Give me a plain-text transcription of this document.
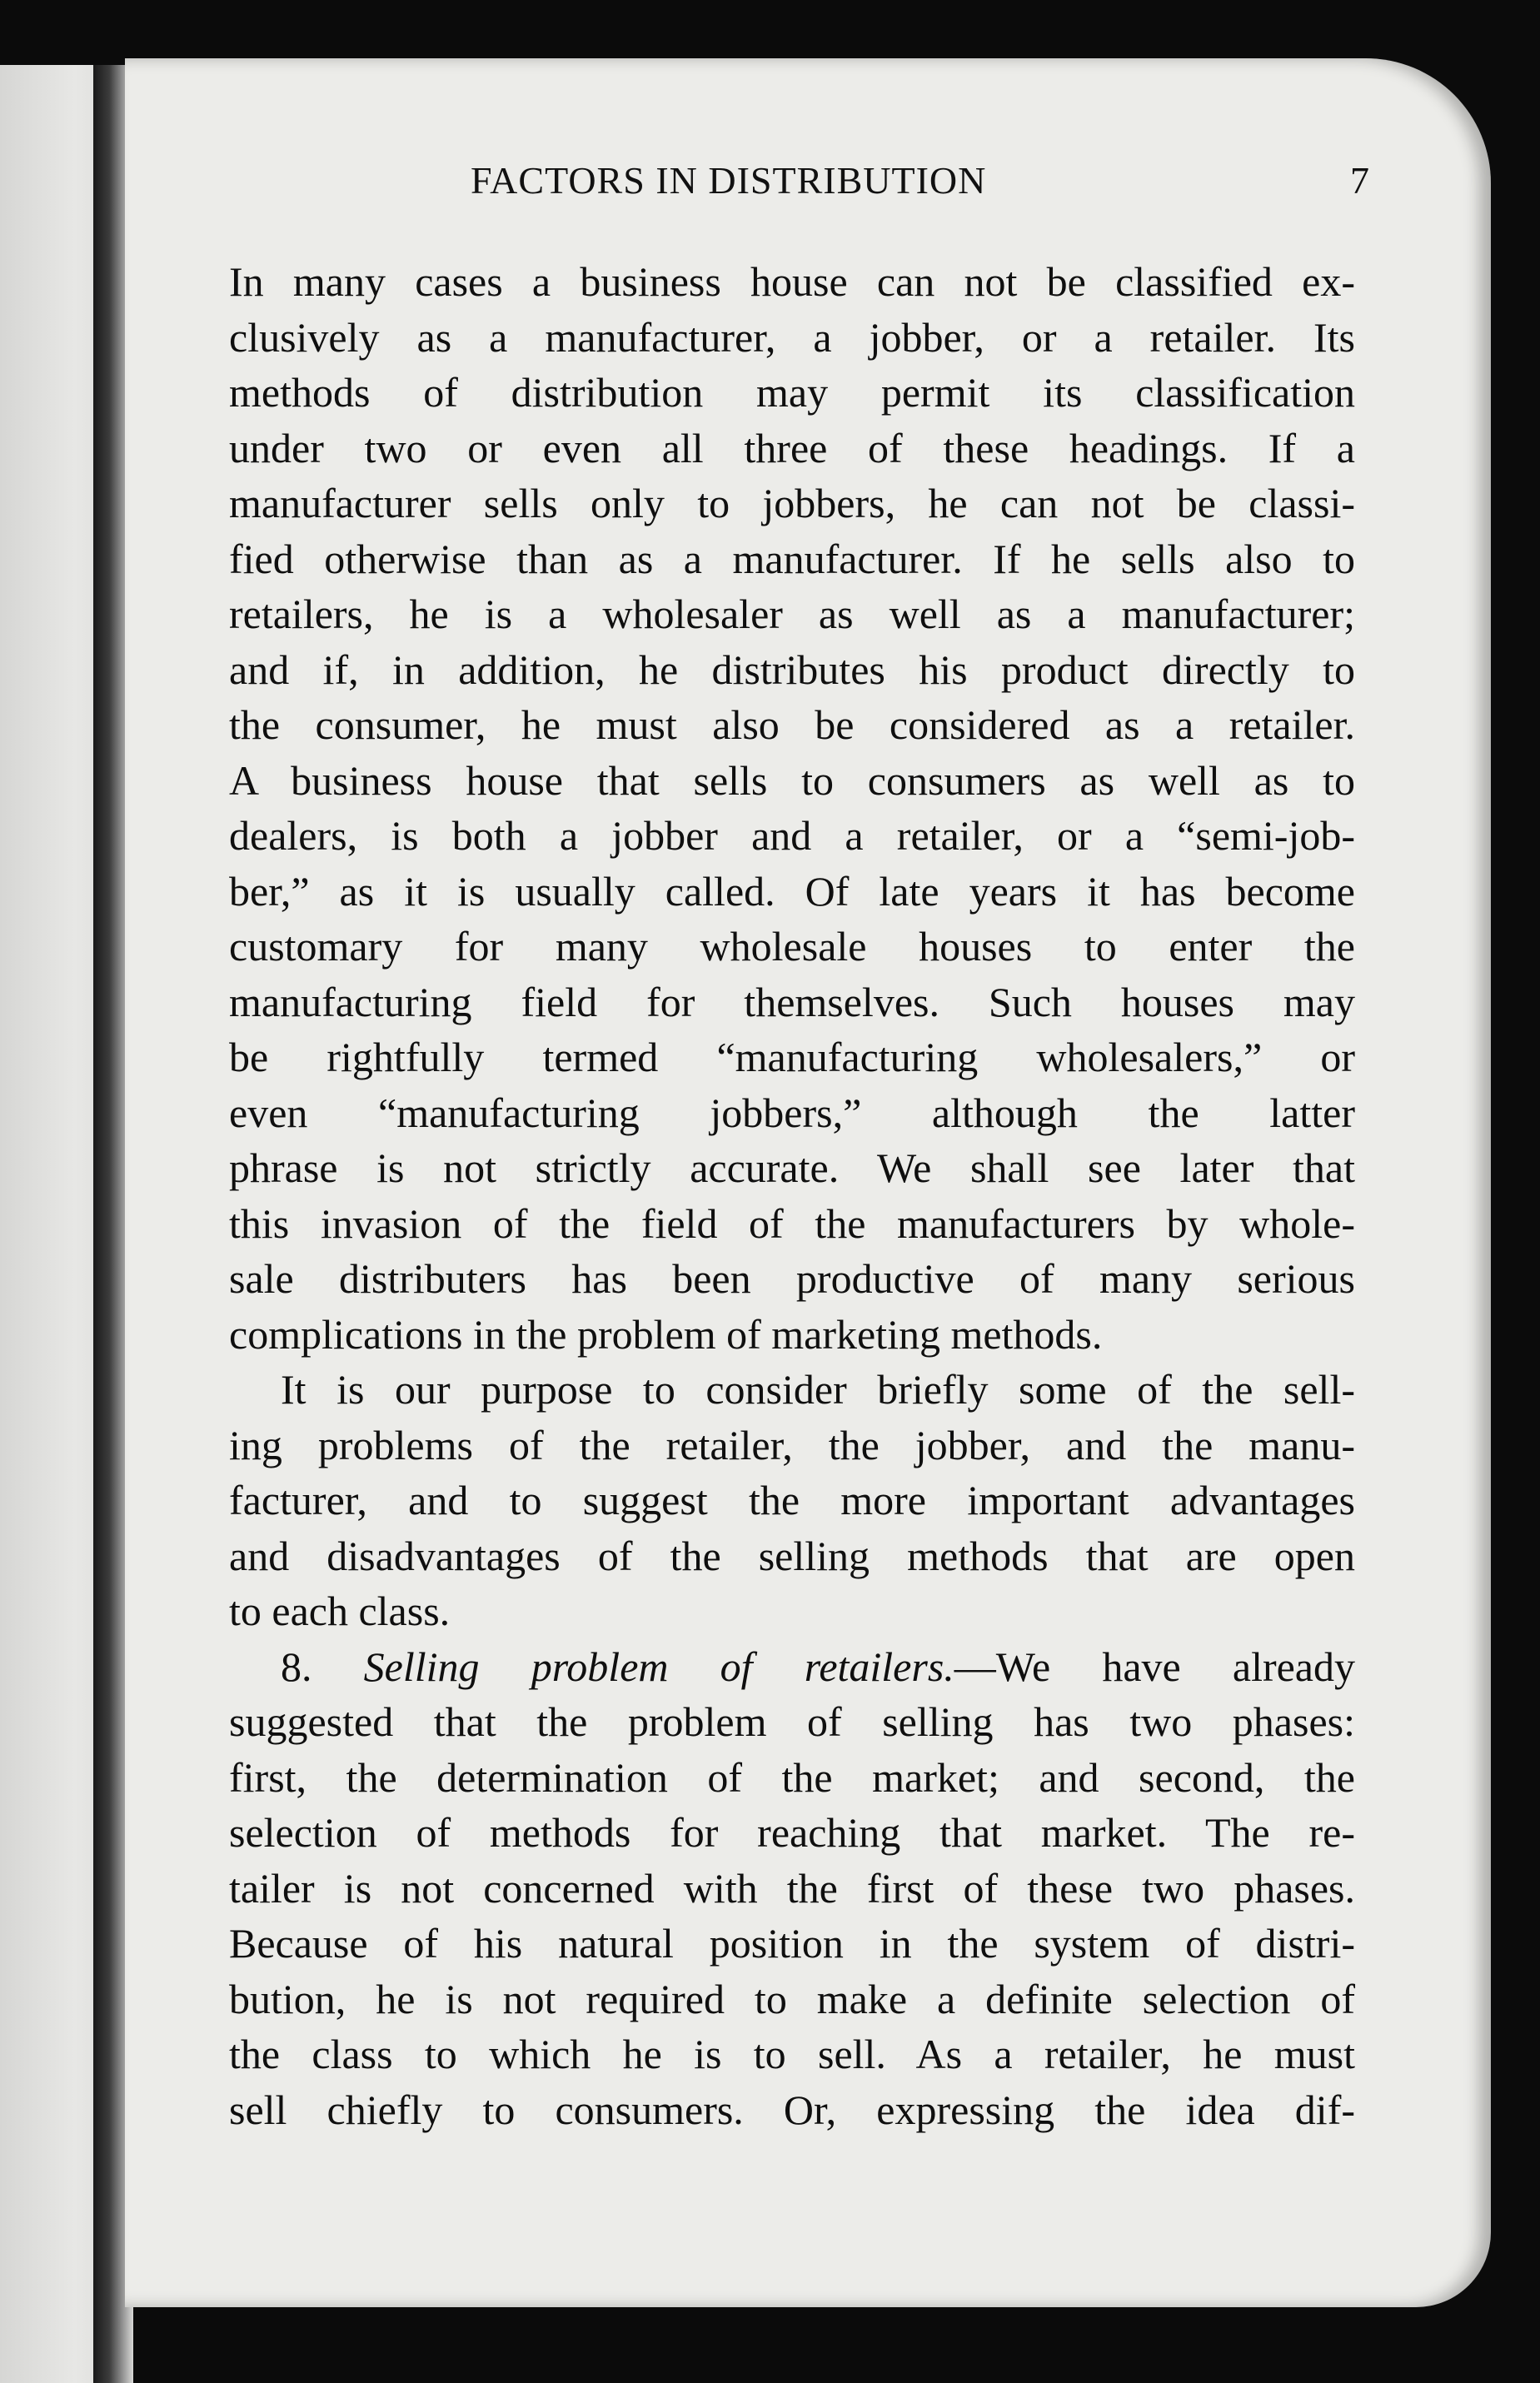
FACTORS IN DISTRIBUTION	7
In many cases a business house can not be classified ex-
clusively as a manufacturer, a jobber, or a retailer. Its
methods of distribution may permit its classification
under two or even all three of these headings. If a
manufacturer sells only to jobbers, he can not be classi-
fied otherwise than as a manufacturer. If he sells also to
retailers, he is a wholesaler as well as a manufacturer;
and if, in addition, he distributes his product directly to
the consumer, he must also be considered as a retailer.
A business house that sells to consumers as well as to
dealers, is both a jobber and a retailer, or a “semi-job-
ber,” as it is usually called. Of late years it has become
customary for many wholesale houses to enter the
manufacturing field for themselves. Such houses may
be rightfully termed “manufacturing wholesalers,” or
even “manufacturing jobbers,” although the latter
phrase is not strictly accurate. We shall see later that
this invasion of the field of the manufacturers by whole-
sale distributers has been productive of many serious
complications in the problem of marketing methods.
It is our purpose to consider briefly some of the sell-
ing problems of the retailer, the jobber, and the manu-
facturer, and to suggest the more important advantages
and disadvantages of the selling methods that are open
to each class.
8. Selling problem of retailers.—We have already
suggested that the problem of selling has two phases:
first, the determination of the market; and second, the
selection of methods for reaching that market. The re-
tailer is not concerned with the first of these two phases.
Because of his natural position in the system of distri-
bution, he is not required to make a definite selection of
the class to which he is to sell. As a retailer, he must
sell chiefly to consumers. Or, expressing the idea dif-
